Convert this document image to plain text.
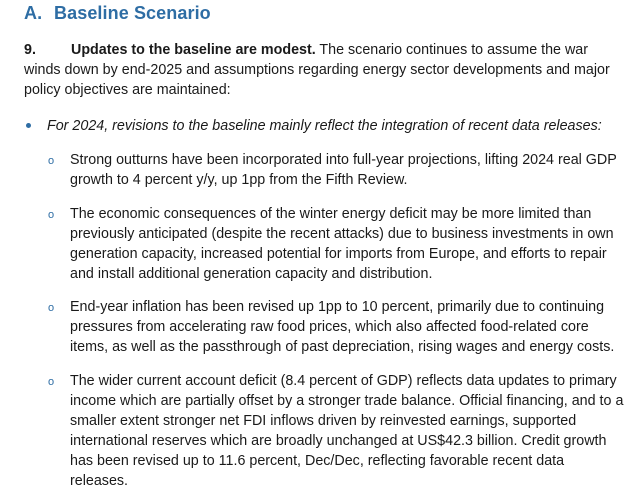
A. Baseline Scenario
9. Updates to the baseline are modest. The scenario continues to assume the war winds down by end-2025 and assumptions regarding energy sector developments and major policy objectives are maintained:
For 2024, revisions to the baseline mainly reflect the integration of recent data releases:
o Strong outturns have been incorporated into full-year projections, lifting 2024 real GDP growth to 4 percent y/y, up 1pp from the Fifth Review.
o The economic consequences of the winter energy deficit may be more limited than previously anticipated (despite the recent attacks) due to business investments in own generation capacity, increased potential for imports from Europe, and efforts to repair and install additional generation capacity and distribution.
o End-year inflation has been revised up 1pp to 10 percent, primarily due to continuing pressures from accelerating raw food prices, which also affected food-related core items, as well as the passthrough of past depreciation, rising wages and energy costs.
o The wider current account deficit (8.4 percent of GDP) reflects data updates to primary income which are partially offset by a stronger trade balance. Official financing, and to a smaller extent stronger net FDI inflows driven by reinvested earnings, supported international reserves which are broadly unchanged at US$42.3 billion. Credit growth has been revised up to 11.6 percent, Dec/Dec, reflecting favorable recent data releases.
